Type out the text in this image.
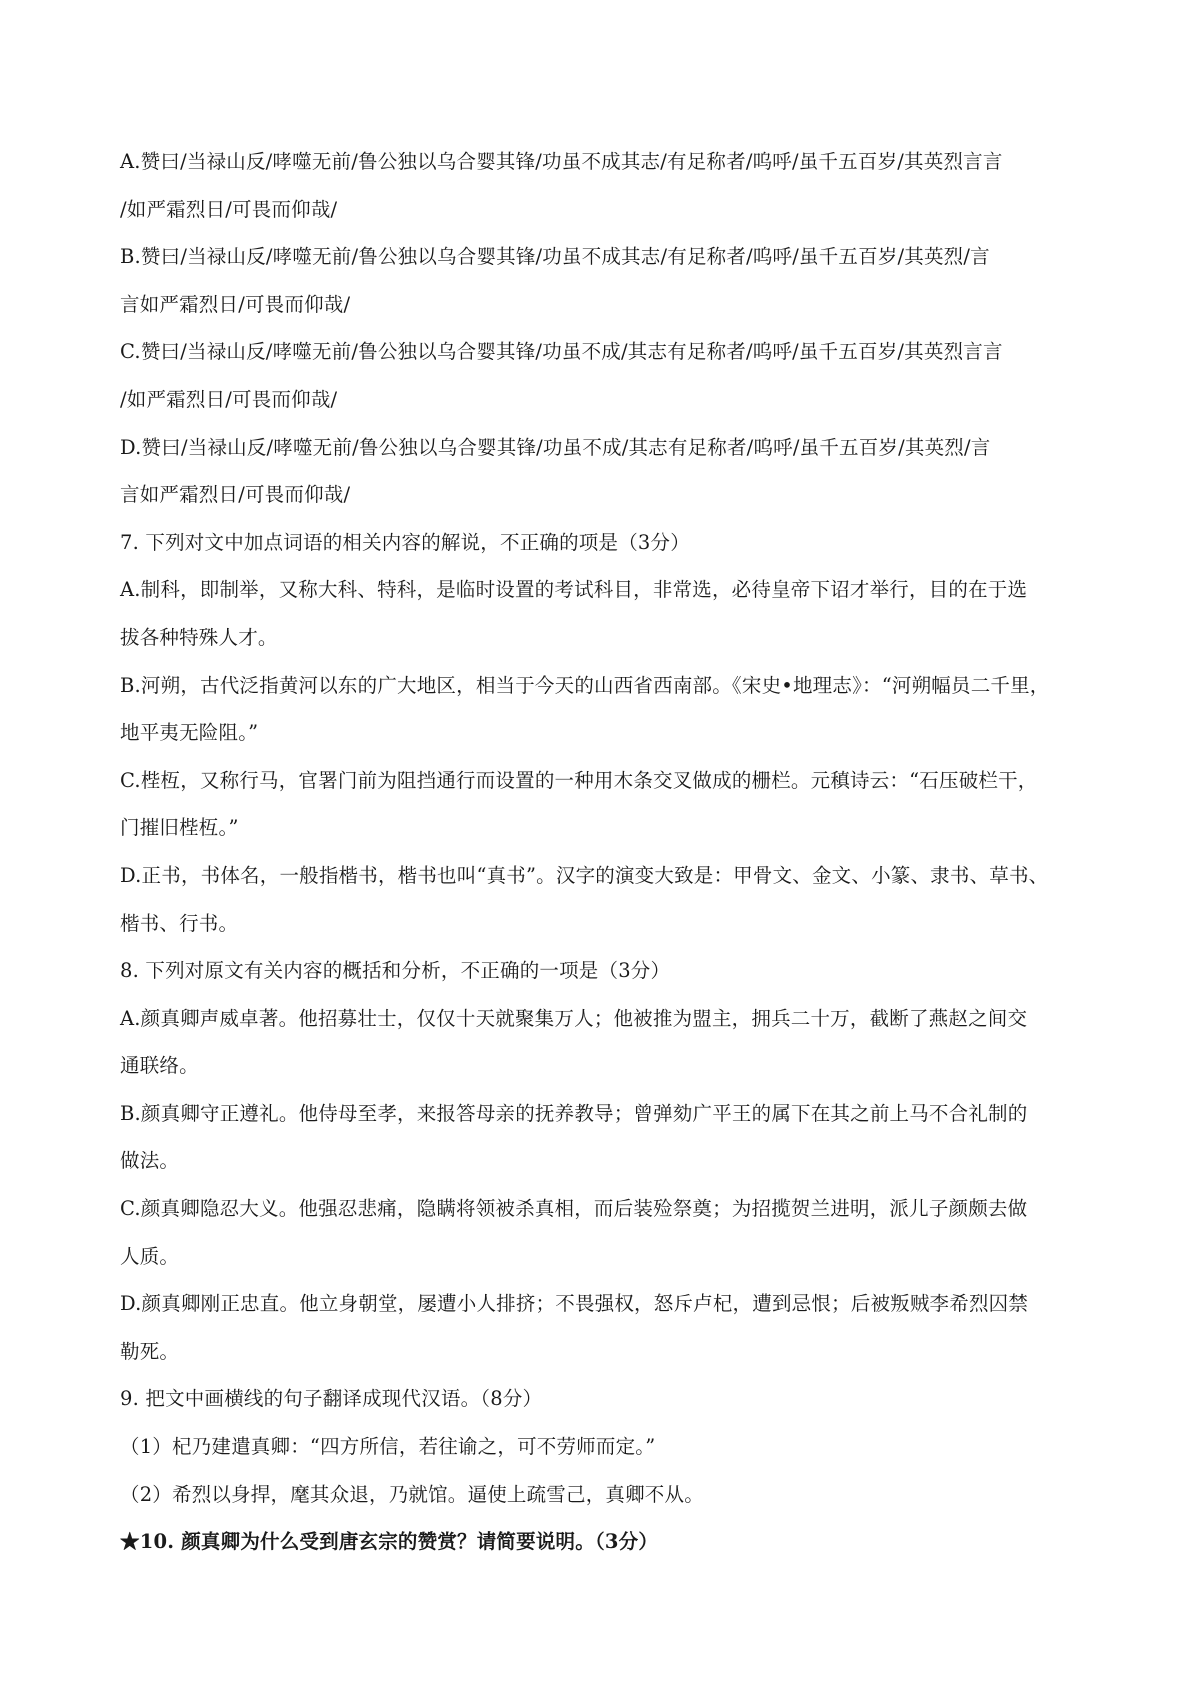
A.赞曰/当禄山反/哮噬无前/鲁公独以乌合婴其锋/功虽不成其志/有足称者/呜呼/虽千五百岁/其英烈言言
/如严霜烈日/可畏而仰哉/
B.赞曰/当禄山反/哮噬无前/鲁公独以乌合婴其锋/功虽不成其志/有足称者/呜呼/虽千五百岁/其英烈/言
言如严霜烈日/可畏而仰哉/
C.赞曰/当禄山反/哮噬无前/鲁公独以乌合婴其锋/功虽不成/其志有足称者/呜呼/虽千五百岁/其英烈言言
/如严霜烈日/可畏而仰哉/
D.赞曰/当禄山反/哮噬无前/鲁公独以乌合婴其锋/功虽不成/其志有足称者/呜呼/虽千五百岁/其英烈/言
言如严霜烈日/可畏而仰哉/
7. 下列对文中加点词语的相关内容的解说，不正确的项是（3分）
A.制科，即制举，又称大科、特科，是临时设置的考试科目，非常选，必待皇帝下诏才举行，目的在于选
拔各种特殊人才。
B.河朔，古代泛指黄河以东的广大地区，相当于今天的山西省西南部。《宋史•地理志》：“河朔幅员二千里，
地平夷无险阻。”
C.梐枑，又称行马，官署门前为阻挡通行而设置的一种用木条交叉做成的栅栏。元稹诗云：“石压破栏干，
门摧旧梐枑。”
D.正书，书体名，一般指楷书，楷书也叫“真书”。汉字的演变大致是：甲骨文、金文、小篆、隶书、草书、
楷书、行书。
8. 下列对原文有关内容的概括和分析，不正确的一项是（3分）
A.颜真卿声威卓著。他招募壮士，仅仅十天就聚集万人；他被推为盟主，拥兵二十万，截断了燕赵之间交
通联络。
B.颜真卿守正遵礼。他侍母至孝，来报答母亲的抚养教导；曾弹劾广平王的属下在其之前上马不合礼制的
做法。
C.颜真卿隐忍大义。他强忍悲痛，隐瞒将领被杀真相，而后装殓祭奠；为招揽贺兰进明，派儿子颜颇去做
人质。
D.颜真卿刚正忠直。他立身朝堂，屡遭小人排挤；不畏强权，怒斥卢杞，遭到忌恨；后被叛贼李希烈囚禁
勒死。
9. 把文中画横线的句子翻译成现代汉语。（8分）
（1）杞乃建遣真卿：“四方所信，若往谕之，可不劳师而定。”
（2）希烈以身捍，麾其众退，乃就馆。逼使上疏雪己，真卿不从。
★10. 颜真卿为什么受到唐玄宗的赞赏？请简要说明。（3分）
